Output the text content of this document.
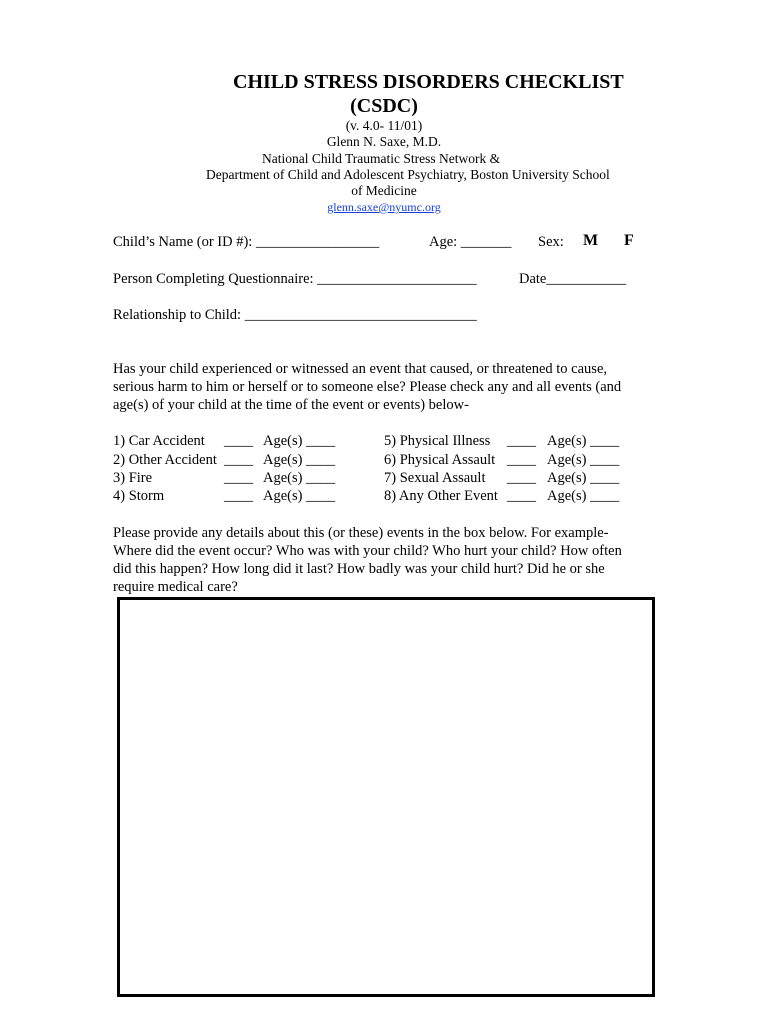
CHILD STRESS DISORDERS CHECKLIST
(CSDC)
(v. 4.0- 11/01)
Glenn N. Saxe, M.D.
National Child Traumatic Stress Network &
Department of Child and Adolescent Psychiatry, Boston University School
of Medicine
glenn.saxe@nyumc.org
Child’s Name (or ID #): _________________	Age: _______ Sex: M F
Person Completing Questionnaire: ______________________	Date___________
Relationship to Child: ________________________________
Has your child experienced or witnessed an event that caused, or threatened to cause,
serious harm to him or herself or to someone else? Please check any and all events (and
age(s) of your child at the time of the event or events) below-
1) Car Accident ____ Age(s) ____
2) Other Accident ____ Age(s) ____
3) Fire	____ Age(s) ____
4) Storm	____ Age(s) ____
5) Physical Illness ____ Age(s) ____
6) Physical Assault ____ Age(s) ____
7) Sexual Assault ____ Age(s) ____
8) Any Other Event ____ Age(s) ____
Please provide any details about this (or these) events in the box below. For example-
Where did the event occur? Who was with your child? Who hurt your child? How often
did this happen? How long did it last? How badly was your child hurt? Did he or she
require medical care?
